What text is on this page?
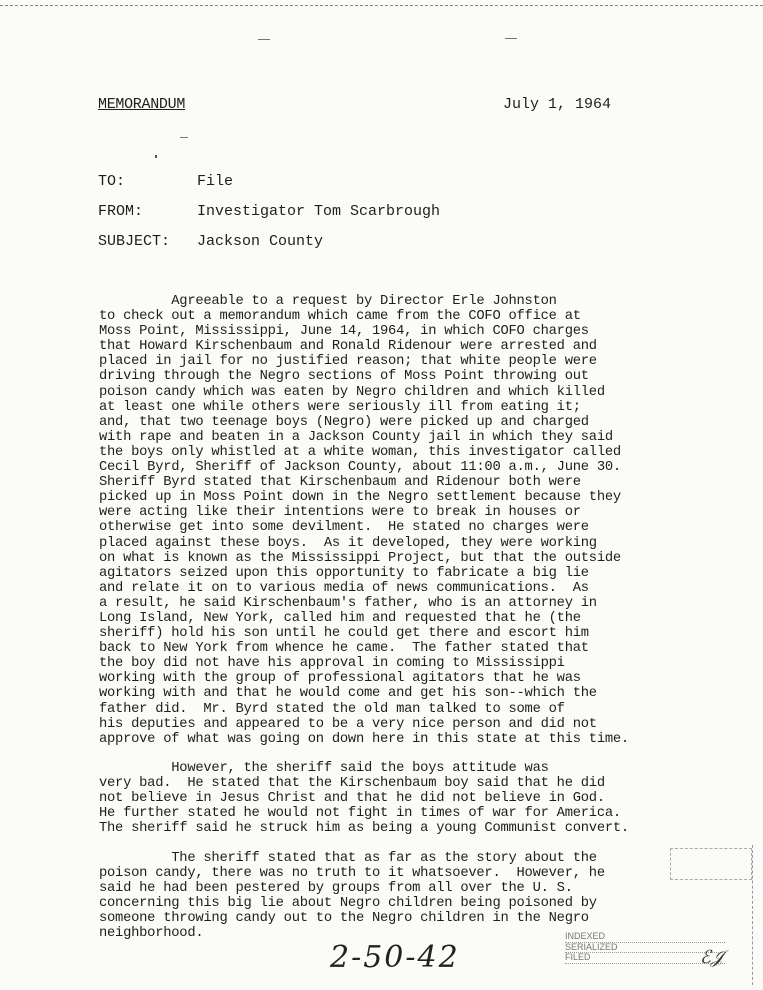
MEMORANDUM	July 1, 1964
TO:	File
FROM:	Investigator Tom Scarbrough
SUBJECT: Jackson County
Agreeable to a request by Director Erle Johnston
to check out a memorandum which came from the COFO office at
Moss Point, Mississippi, June 14, 1964, in which COFO charges
that Howard Kirschenbaum and Ronald Ridenour were arrested and
placed in jail for no justified reason; that white people were
driving through the Negro sections of Moss Point throwing out
poison candy which was eaten by Negro children and which killed
at least one while others were seriously ill from eating it;
and, that two teenage boys (Negro) were picked up and charged
with rape and beaten in a Jackson County jail in which they said
the boys only whistled at a white woman, this investigator called
Cecil Byrd, Sheriff of Jackson County, about 11:00 a.m., June 30.
Sheriff Byrd stated that Kirschenbaum and Ridenour both were
picked up in Moss Point down in the Negro settlement because they
were acting like their intentions were to break in houses or
otherwise get into some devilment.  He stated no charges were
placed against these boys.  As it developed, they were working
on what is known as the Mississippi Project, but that the outside
agitators seized upon this opportunity to fabricate a big lie
and relate it on to various media of news communications.  As
a result, he said Kirschenbaum's father, who is an attorney in
Long Island, New York, called him and requested that he (the
sheriff) hold his son until he could get there and escort him
back to New York from whence he came.  The father stated that
the boy did not have his approval in coming to Mississippi
working with the group of professional agitators that he was
working with and that he would come and get his son--which the
father did.  Mr. Byrd stated the old man talked to some of
his deputies and appeared to be a very nice person and did not
approve of what was going on down here in this state at this time.
However, the sheriff said the boys attitude was
very bad.  He stated that the Kirschenbaum boy said that he did
not believe in Jesus Christ and that he did not believe in God.
He further stated he would not fight in times of war for America.
The sheriff said he struck him as being a young Communist convert.
The sheriff stated that as far as the story about the
poison candy, there was no truth to it whatsoever.  However, he
said he had been pestered by groups from all over the U. S.
concerning this big lie about Negro children being poisoned by
someone throwing candy out to the Negro children in the Negro
neighborhood.
2-50-42
INDEXED
SERIALIZED
FILED	ℰ𝒥
